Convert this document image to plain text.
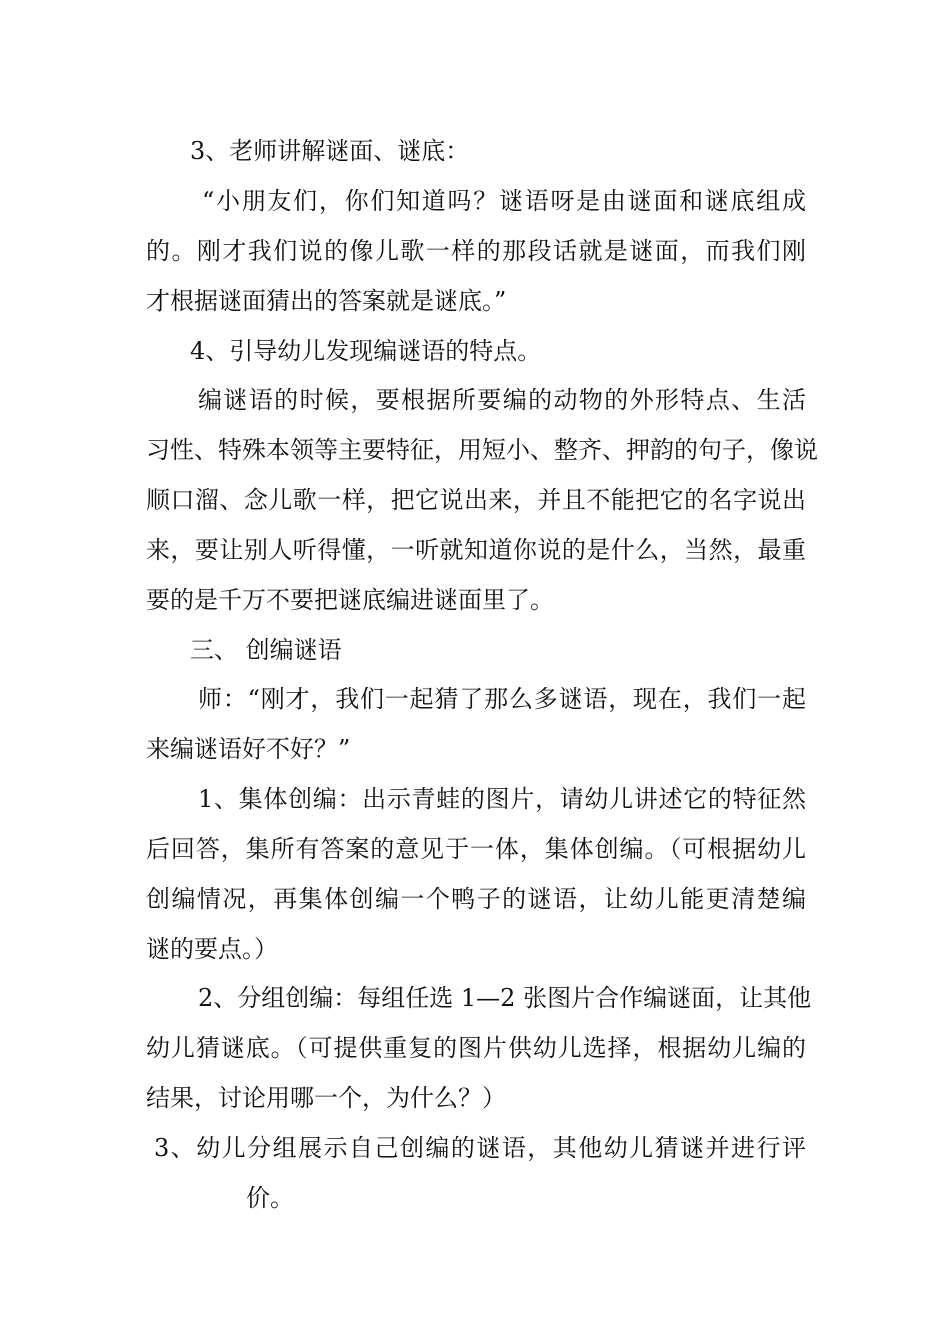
3、老师讲解谜面、谜底：
“小朋友们，你们知道吗？谜语呀是由谜面和谜底组成
的。刚才我们说的像儿歌一样的那段话就是谜面，而我们刚
才根据谜面猜出的答案就是谜底。”
4、引导幼儿发现编谜语的特点。
编谜语的时候，要根据所要编的动物的外形特点、生活
习性、特殊本领等主要特征，用短小、整齐、押韵的句子，像说
顺口溜、念儿歌一样，把它说出来，并且不能把它的名字说出
来，要让别人听得懂，一听就知道你说的是什么，当然，最重
要的是千万不要把谜底编进谜面里了。
三、 创编谜语
师：“刚才，我们一起猜了那么多谜语，现在，我们一起
来编谜语好不好？”
1、集体创编：出示青蛙的图片，请幼儿讲述它的特征然
后回答，集所有答案的意见于一体，集体创编。（可根据幼儿
创编情况，再集体创编一个鸭子的谜语，让幼儿能更清楚编
谜的要点。）
2、分组创编：每组任选 1—2 张图片合作编谜面，让其他
幼儿猜谜底。（可提供重复的图片供幼儿选择，根据幼儿编的
结果，讨论用哪一个，为什么？）
3、幼儿分组展示自己创编的谜语，其他幼儿猜谜并进行评
价。
